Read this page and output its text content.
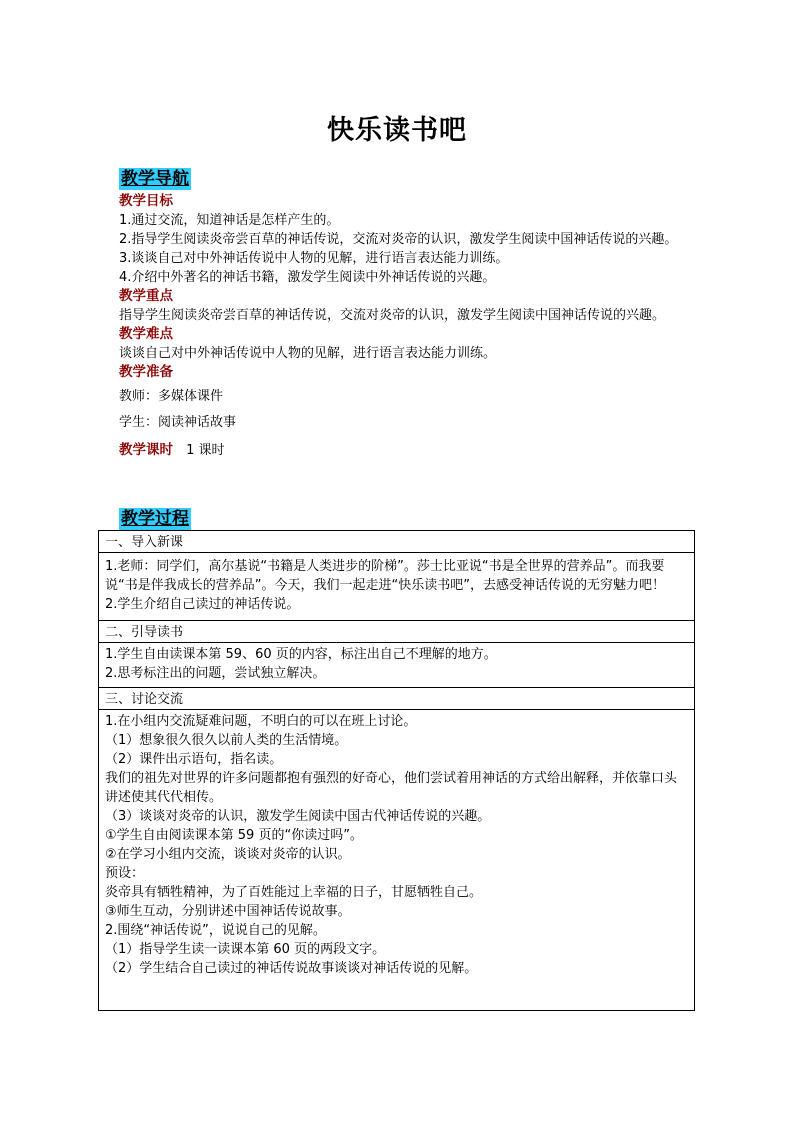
快乐读书吧
教学导航
教学目标
1.通过交流，知道神话是怎样产生的。
2.指导学生阅读炎帝尝百草的神话传说，交流对炎帝的认识，激发学生阅读中国神话传说的兴趣。
3.谈谈自己对中外神话传说中人物的见解，进行语言表达能力训练。
4.介绍中外著名的神话书籍，激发学生阅读中外神话传说的兴趣。
教学重点
指导学生阅读炎帝尝百草的神话传说，交流对炎帝的认识，激发学生阅读中国神话传说的兴趣。
教学难点
谈谈自己对中外神话传说中人物的见解，进行语言表达能力训练。
教学准备
教师：多媒体课件
学生：阅读神话故事
教学课时 1 课时
教学过程
一、导入新课
1.老师：同学们，高尔基说“书籍是人类进步的阶梯”。莎士比亚说“书是全世界的营养品”。而我要说“书是伴我成长的营养品”。今天，我们一起走进“快乐读书吧”，去感受神话传说的无穷魅力吧！
2.学生介绍自己读过的神话传说。
二、引导读书
1.学生自由读课本第 59、60 页的内容，标注出自己不理解的地方。
2.思考标注出的问题，尝试独立解决。
三、讨论交流
1.在小组内交流疑难问题，不明白的可以在班上讨论。
（1）想象很久很久以前人类的生活情境。
（2）课件出示语句，指名读。
我们的祖先对世界的许多问题都抱有强烈的好奇心，他们尝试着用神话的方式给出解释，并依靠口头讲述使其代代相传。
（3）谈谈对炎帝的认识，激发学生阅读中国古代神话传说的兴趣。
①学生自由阅读课本第 59 页的“你读过吗”。
②在学习小组内交流，谈谈对炎帝的认识。
预设：
炎帝具有牺牲精神，为了百姓能过上幸福的日子，甘愿牺牲自己。
③师生互动，分别讲述中国神话传说故事。
2.围绕“神话传说”，说说自己的见解。
（1）指导学生读一读课本第 60 页的两段文字。
（2）学生结合自己读过的神话传说故事谈谈对神话传说的见解。
